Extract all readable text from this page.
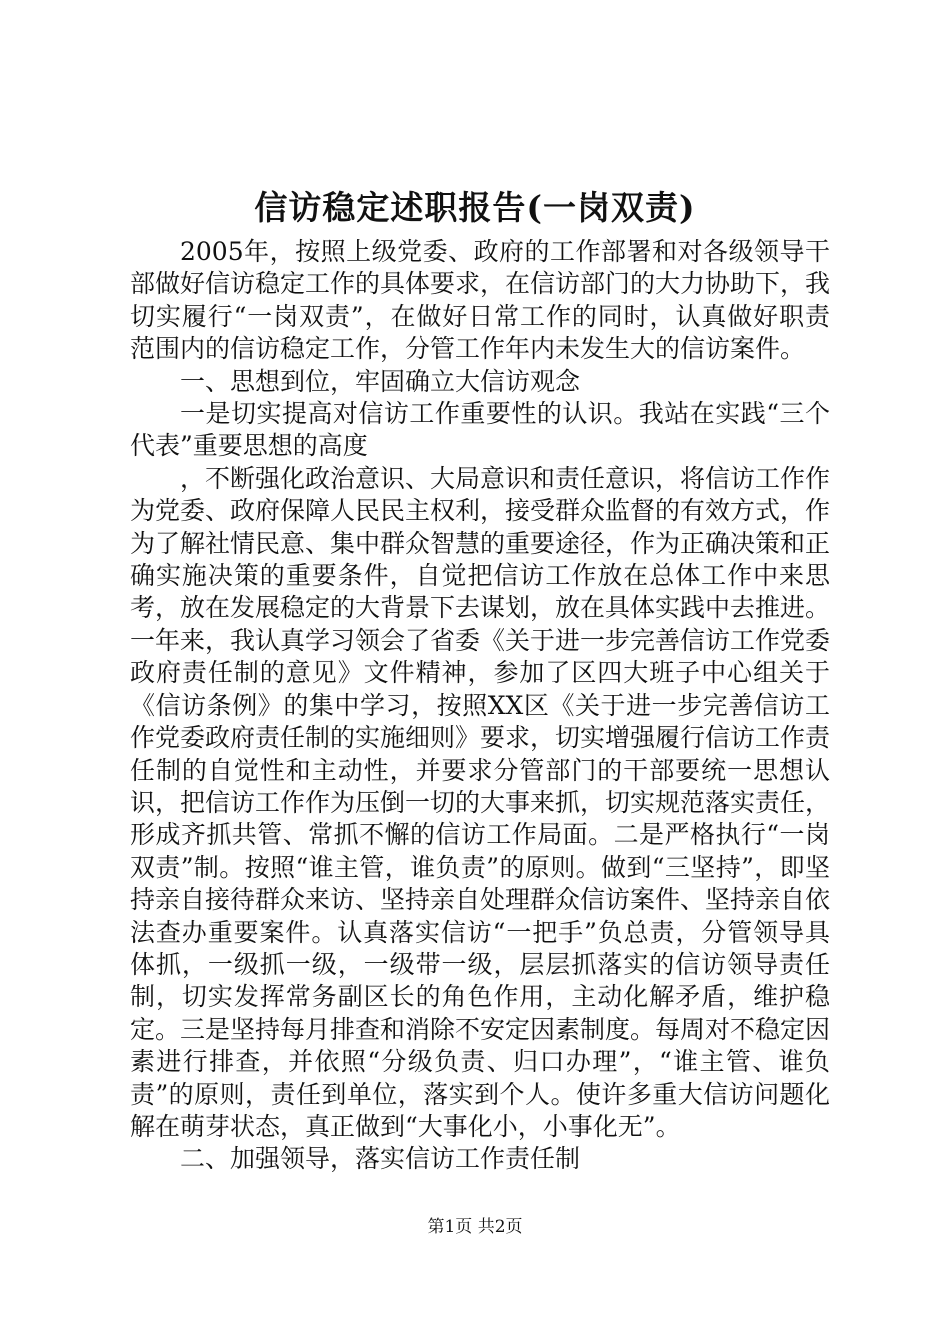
信访稳定述职报告(一岗双责)

2005年，按照上级党委、政府的工作部署和对各级领导干部做好信访稳定工作的具体要求，在信访部门的大力协助下，我切实履行“一岗双责”，在做好日常工作的同时，认真做好职责范围内的信访稳定工作，分管工作年内未发生大的信访案件。

一、思想到位，牢固确立大信访观念

一是切实提高对信访工作重要性的认识。我站在实践“三个代表”重要思想的高度

，不断强化政治意识、大局意识和责任意识，将信访工作作为党委、政府保障人民民主权利，接受群众监督的有效方式，作为了解社情民意、集中群众智慧的重要途径，作为正确决策和正确实施决策的重要条件，自觉把信访工作放在总体工作中来思考，放在发展稳定的大背景下去谋划，放在具体实践中去推进。一年来，我认真学习领会了省委《关于进一步完善信访工作党委政府责任制的意见》文件精神，参加了区四大班子中心组关于《信访条例》的集中学习，按照XX区《关于进一步完善信访工作党委政府责任制的实施细则》要求，切实增强履行信访工作责任制的自觉性和主动性，并要求分管部门的干部要统一思想认识，把信访工作作为压倒一切的大事来抓，切实规范落实责任，形成齐抓共管、常抓不懈的信访工作局面。二是严格执行“一岗双责”制。按照“谁主管，谁负责”的原则。做到“三坚持”，即坚持亲自接待群众来访、坚持亲自处理群众信访案件、坚持亲自依法查办重要案件。认真落实信访“一把手”负总责，分管领导具体抓，一级抓一级，一级带一级，层层抓落实的信访领导责任制，切实发挥常务副区长的角色作用，主动化解矛盾，维护稳定。三是坚持每月排查和消除不安定因素制度。每周对不稳定因素进行排查，并依照“分级负责、归口办理”，“谁主管、谁负责”的原则，责任到单位，落实到个人。使许多重大信访问题化解在萌芽状态，真正做到“大事化小，小事化无”。

二、加强领导，落实信访工作责任制

第1页 共2页
